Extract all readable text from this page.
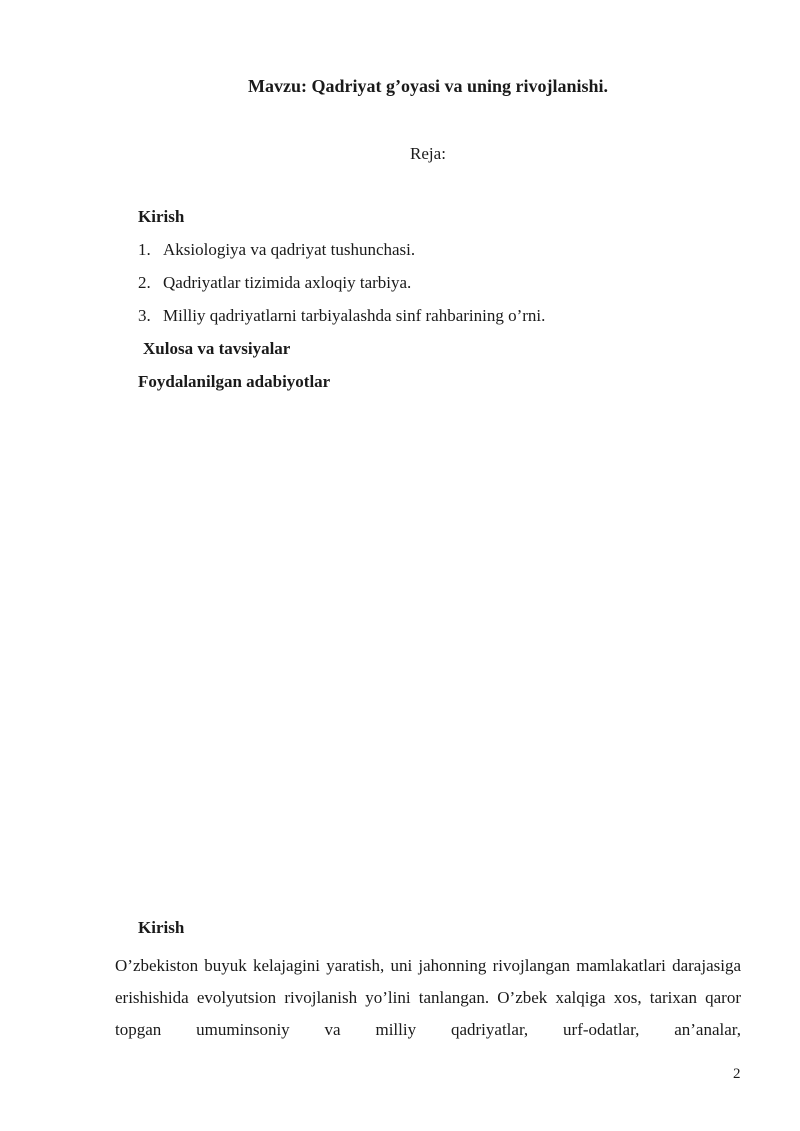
Mavzu: Qadriyat g’oyasi va uning rivojlanishi.

Reja:

Kirish
1. Aksiologiya va qadriyat tushunchasi.
2. Qadriyatlar tizimida axloqiy tarbiya.
3. Milliy qadriyatlarni tarbiyalashda sinf rahbarining o’rni.
Xulosa va tavsiyalar
Foydalanilgan adabiyotlar
Kirish

O’zbekiston buyuk kelajagini yaratish, uni jahonning rivojlangan mamlakatlari darajasiga erishishida evolyutsion rivojlanish yo’lini tanlangan. O’zbek xalqiga xos, tarixan qaror topgan umuminsoniy va milliy qadriyatlar, urf-odatlar, an’analar,

2
